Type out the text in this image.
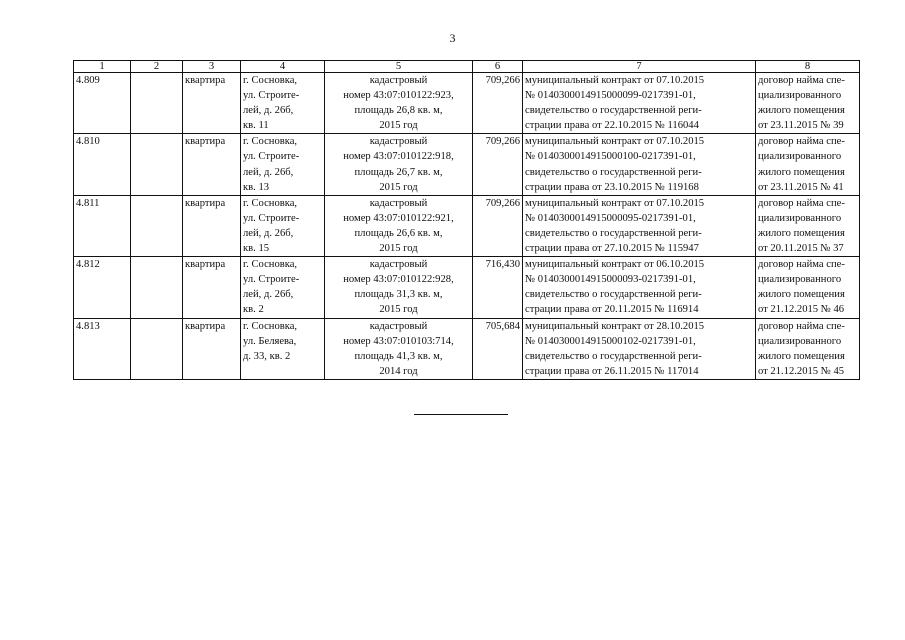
3
1	2	3	4	5	6	7	8
4.809		квартира	г. Сосновка,
ул. Строите-
лей, д. 26б,
кв. 11	кадастровый
номер 43:07:010122:923,
площадь 26,8 кв. м,
2015 год	709,266	муниципальный контракт от 07.10.2015
№ 0140300014915000099-0217391-01,
свидетельство о государственной реги-
страции права от 22.10.2015 № 116044	договор найма спе-
циализированного
жилого помещения
от 23.11.2015 № 39

4.810		квартира	г. Сосновка,
ул. Строите-
лей, д. 26б,
кв. 13	кадастровый
номер 43:07:010122:918,
площадь 26,7 кв. м,
2015 год	709,266	муниципальный контракт от 07.10.2015
№ 0140300014915000100-0217391-01,
свидетельство о государственной реги-
страции права от 23.10.2015 № 119168	договор найма спе-
циализированного
жилого помещения
от 23.11.2015 № 41

4.811		квартира	г. Сосновка,
ул. Строите-
лей, д. 26б,
кв. 15	кадастровый
номер 43:07:010122:921,
площадь 26,6 кв. м,
2015 год	709,266	муниципальный контракт от 07.10.2015
№ 0140300014915000095-0217391-01,
свидетельство о государственной реги-
страции права от 27.10.2015 № 115947	договор найма спе-
циализированного
жилого помещения
от 20.11.2015 № 37

4.812		квартира	г. Сосновка,
ул. Строите-
лей, д. 26б,
кв. 2	кадастровый
номер 43:07:010122:928,
площадь 31,3 кв. м,
2015 год	716,430	муниципальный контракт от 06.10.2015
№ 0140300014915000093-0217391-01,
свидетельство о государственной реги-
страции права от 20.11.2015 № 116914	договор найма спе-
циализированного
жилого помещения
от 21.12.2015 № 46

4.813		квартира	г. Сосновка,
ул. Беляева,
д. 33, кв. 2	кадастровый
номер 43:07:010103:714,
площадь 41,3 кв. м,
2014 год	705,684	муниципальный контракт от 28.10.2015
№ 0140300014915000102-0217391-01,
свидетельство о государственной реги-
страции права от 26.11.2015 № 117014	договор найма спе-
циализированного
жилого помещения
от 21.12.2015 № 45
